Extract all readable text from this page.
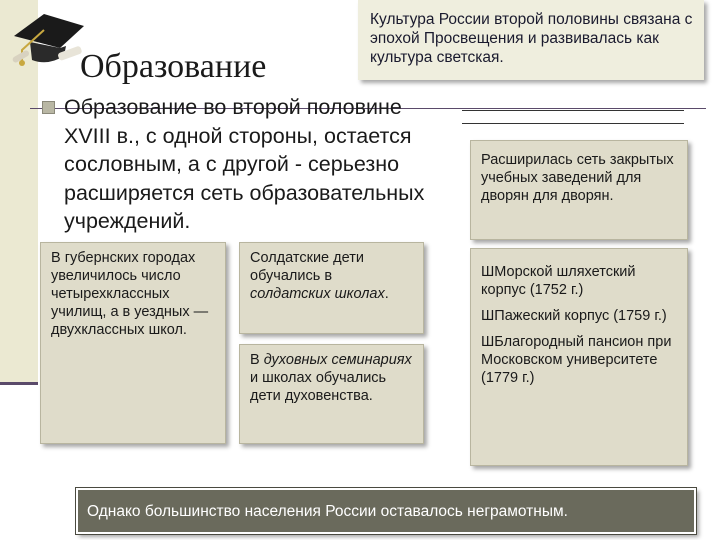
Образование
Культура России второй половины связана с эпохой Просвещения и развивалась как культура светская.
Образование во второй половине XVIII в., с одной стороны, остается сословным, а с другой - серьезно расширяется сеть образовательных учреждений.
В губернских городах увеличилось число четырехклассных училищ, а в уездных — двухклассных школ.
Солдатские дети обучались в солдатских школах.
В духовных семинариях и школах обучались дети духовенства.
Расширилась сеть закрытых учебных заведений для дворян для дворян.
ШМорской шляхетский корпус (1752 г.)
ШПажеский корпус (1759 г.)
ШБлагородный пансион при Московском университете (1779 г.)
Однако большинство населения России оставалось неграмотным.
